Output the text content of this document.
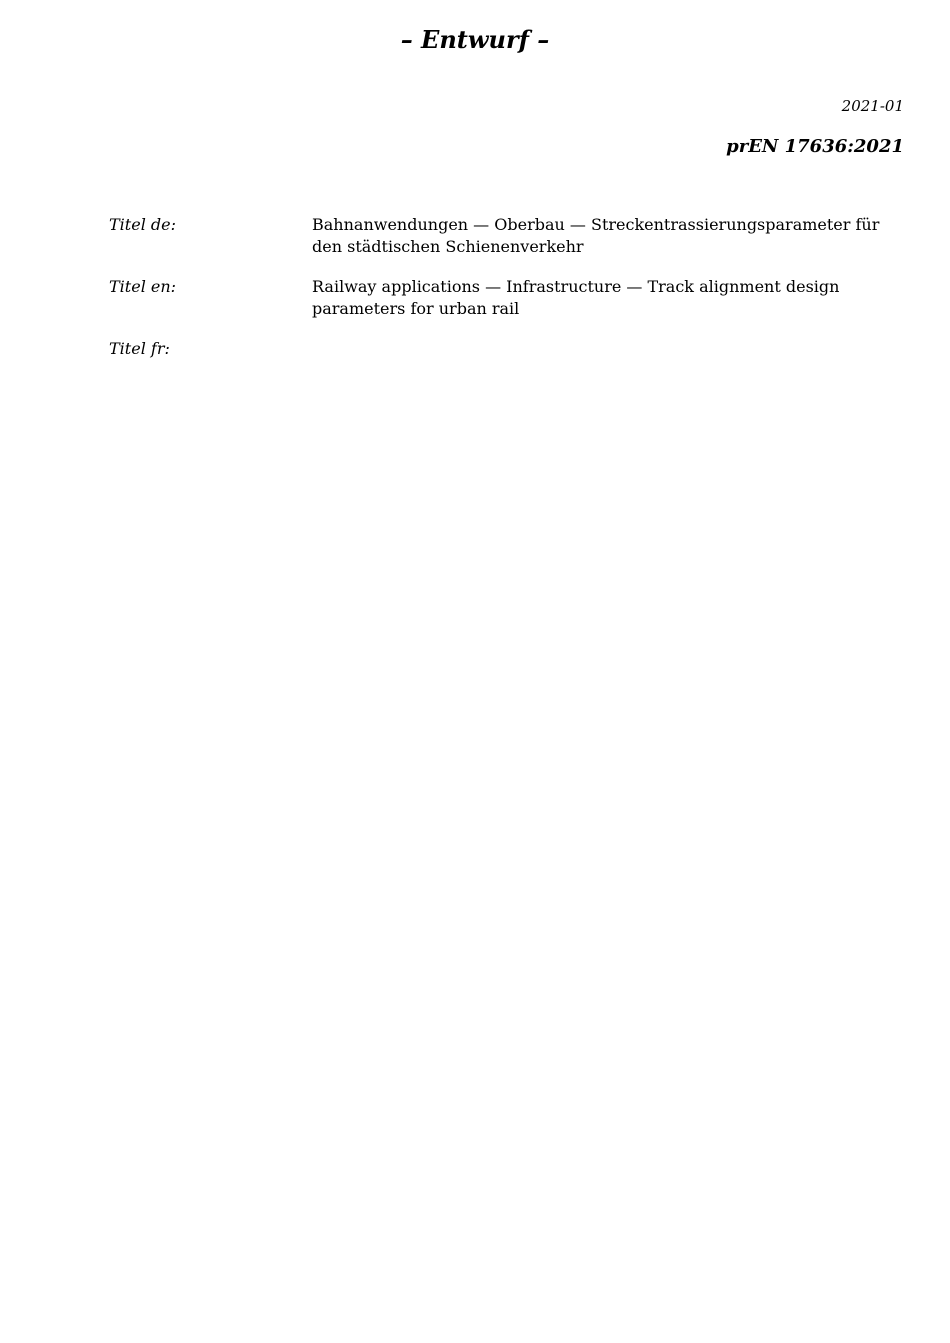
– Entwurf –
2021-01
prEN 17636:2021
Titel de:	Bahnanwendungen — Oberbau — Streckentrassierungsparameter für den städtischen Schienenverkehr
Titel en:	Railway applications — Infrastructure — Track alignment design parameters for urban rail
Titel fr:
